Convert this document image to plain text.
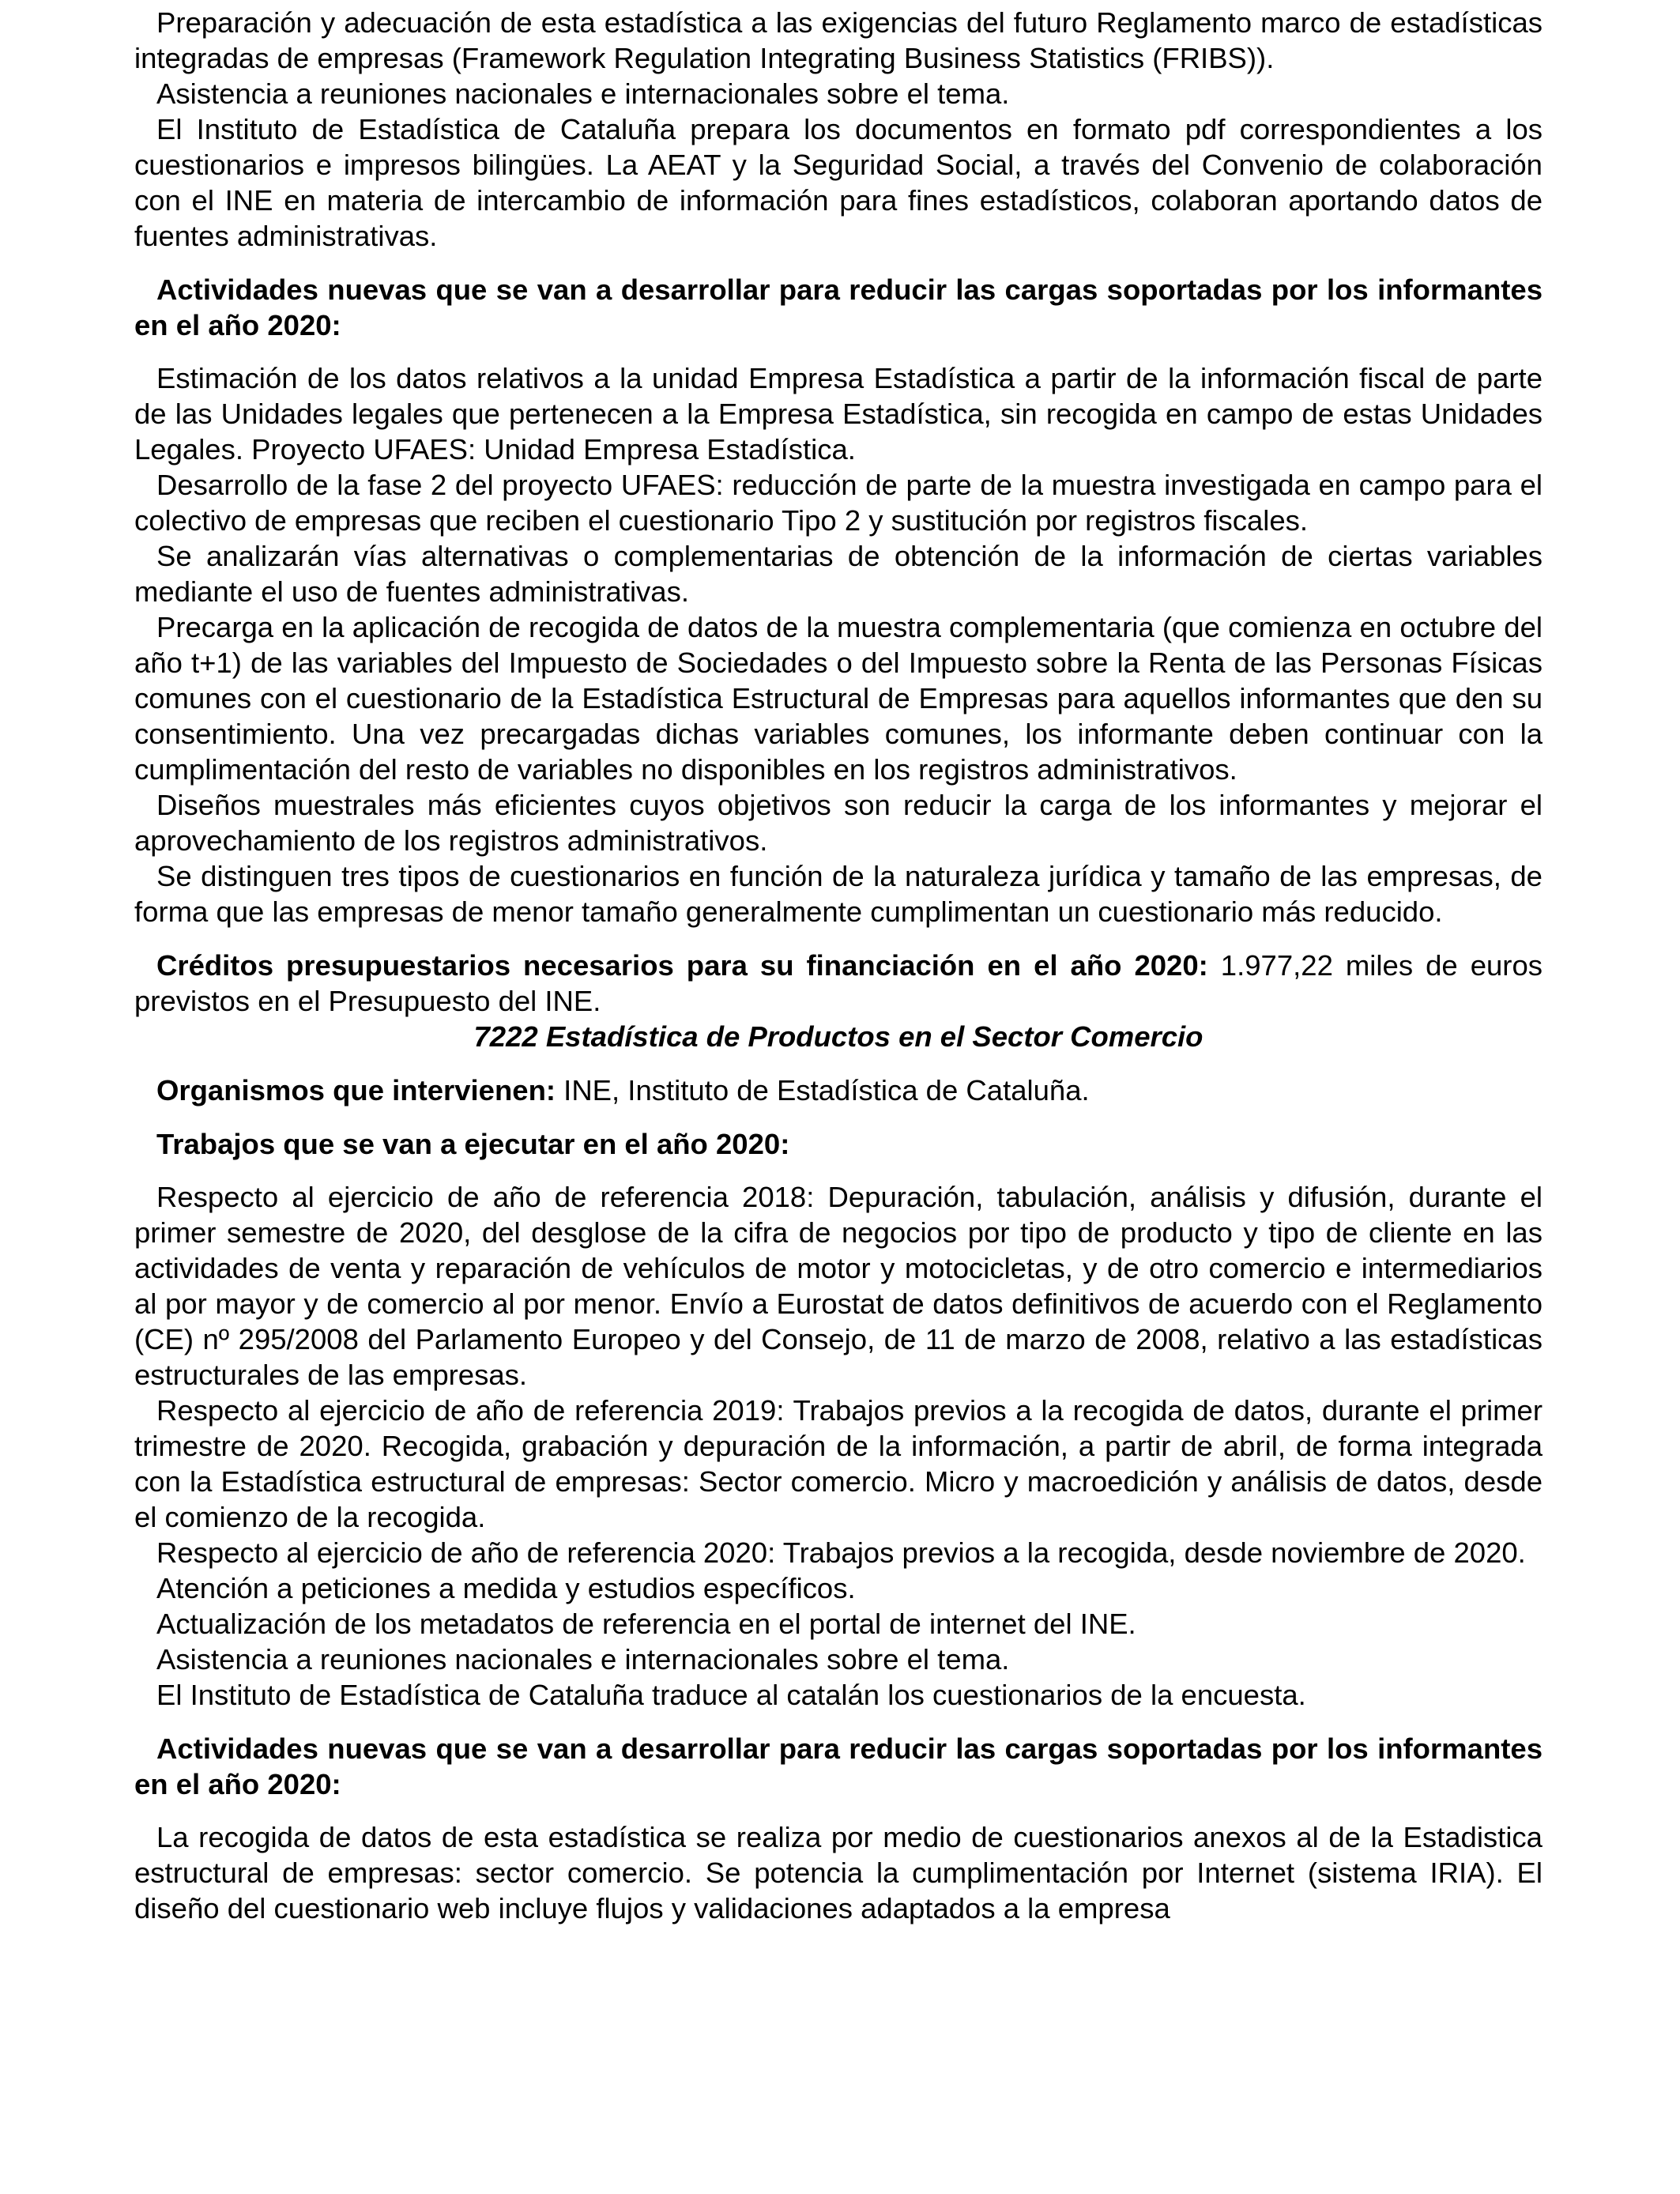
Preparación y adecuación de esta estadística a las exigencias del futuro Reglamento marco de estadísticas integradas de empresas (Framework Regulation Integrating Business Statistics (FRIBS)).

Asistencia a reuniones nacionales e internacionales sobre el tema.

El Instituto de Estadística de Cataluña prepara los documentos en formato pdf correspondientes a los cuestionarios e impresos bilingües. La AEAT y la Seguridad Social, a través del Convenio de colaboración con el INE en materia de intercambio de información para fines estadísticos, colaboran aportando datos de fuentes administrativas.

Actividades nuevas que se van a desarrollar para reducir las cargas soportadas por los informantes en el año 2020:

Estimación de los datos relativos a la unidad Empresa Estadística a partir de la información fiscal de parte de las Unidades legales que pertenecen a la Empresa Estadística, sin recogida en campo de estas Unidades Legales. Proyecto UFAES: Unidad Empresa Estadística.

Desarrollo de la fase 2 del proyecto UFAES: reducción de parte de la muestra investigada en campo para el colectivo de empresas que reciben el cuestionario Tipo 2 y sustitución por registros fiscales.

Se analizarán vías alternativas o complementarias de obtención de la información de ciertas variables mediante el uso de fuentes administrativas.

Precarga en la aplicación de recogida de datos de la muestra complementaria (que comienza en octubre del año t+1) de las variables del Impuesto de Sociedades o del Impuesto sobre la Renta de las Personas Físicas comunes con el cuestionario de la Estadística Estructural de Empresas para aquellos informantes que den su consentimiento. Una vez precargadas dichas variables comunes, los informante deben continuar con la cumplimentación del resto de variables no disponibles en los registros administrativos.

Diseños muestrales más eficientes cuyos objetivos son reducir la carga de los informantes y mejorar el aprovechamiento de los registros administrativos.

Se distinguen tres tipos de cuestionarios en función de la naturaleza jurídica y tamaño de las empresas, de forma que las empresas de menor tamaño generalmente cumplimentan un cuestionario más reducido.

Créditos presupuestarios necesarios para su financiación en el año 2020: 1.977,22 miles de euros previstos en el Presupuesto del INE.

7222 Estadística de Productos en el Sector Comercio

Organismos que intervienen: INE, Instituto de Estadística de Cataluña.

Trabajos que se van a ejecutar en el año 2020:

Respecto al ejercicio de año de referencia 2018: Depuración, tabulación, análisis y difusión, durante el primer semestre de 2020, del desglose de la cifra de negocios por tipo de producto y tipo de cliente en las actividades de venta y reparación de vehículos de motor y motocicletas, y de otro comercio e intermediarios al por mayor y de comercio al por menor. Envío a Eurostat de datos definitivos de acuerdo con el Reglamento (CE) nº 295/2008 del Parlamento Europeo y del Consejo, de 11 de marzo de 2008, relativo a las estadísticas estructurales de las empresas.

Respecto al ejercicio de año de referencia 2019: Trabajos previos a la recogida de datos, durante el primer trimestre de 2020. Recogida, grabación y depuración de la información, a partir de abril, de forma integrada con la Estadística estructural de empresas: Sector comercio. Micro y macroedición y análisis de datos, desde el comienzo de la recogida.

Respecto al ejercicio de año de referencia 2020: Trabajos previos a la recogida, desde noviembre de 2020.

Atención a peticiones a medida y estudios específicos.

Actualización de los metadatos de referencia en el portal de internet del INE.

Asistencia a reuniones nacionales e internacionales sobre el tema.

El Instituto de Estadística de Cataluña traduce al catalán los cuestionarios de la encuesta.

Actividades nuevas que se van a desarrollar para reducir las cargas soportadas por los informantes en el año 2020:

La recogida de datos de esta estadística se realiza por medio de cuestionarios anexos al de la Estadistica estructural de empresas: sector comercio. Se potencia la cumplimentación por Internet (sistema IRIA). El diseño del cuestionario web incluye flujos y validaciones adaptados a la empresa
